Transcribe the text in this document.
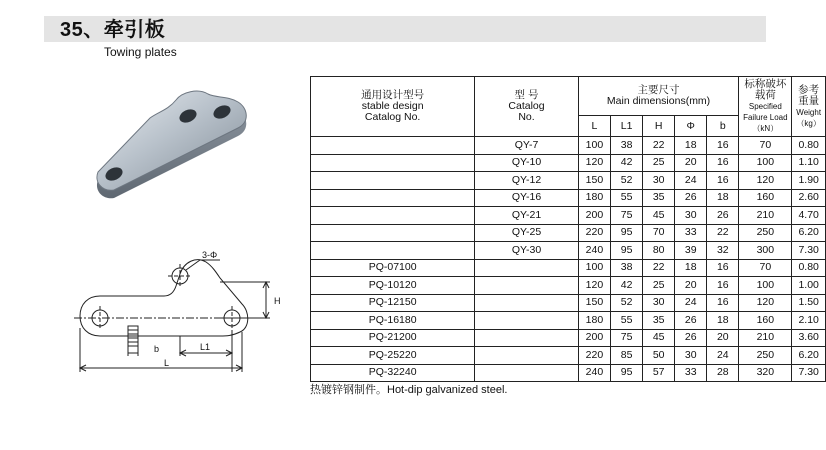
35、牵引板
Towing plates
3-Φ
H
b	L1
L
通用设计型号
stable design
Catalog No.	型 号
Catalog
No.	主要尺寸
Main dimensions(mm)					标称破坏
载荷
Specified
Failure Load
（kN）	参考
重量
Weight
（kg）
		L	L1	H	Φ	b		
	QY-7	100	38	22	18	16	70	0.80
	QY-10	120	42	25	20	16	100	1.10
	QY-12	150	52	30	24	16	120	1.90
	QY-16	180	55	35	26	18	160	2.60
	QY-21	200	75	45	30	26	210	4.70
	QY-25	220	95	70	33	22	250	6.20
	QY-30	240	95	80	39	32	300	7.30
PQ-07100		100	38	22	18	16	70	0.80
PQ-10120		120	42	25	20	16	100	1.00
PQ-12150		150	52	30	24	16	120	1.50
PQ-16180		180	55	35	26	18	160	2.10
PQ-21200		200	75	45	26	20	210	3.60
PQ-25220		220	85	50	30	24	250	6.20
PQ-32240		240	95	57	33	28	320	7.30
热镀锌钢制件。Hot-dip galvanized steel.
